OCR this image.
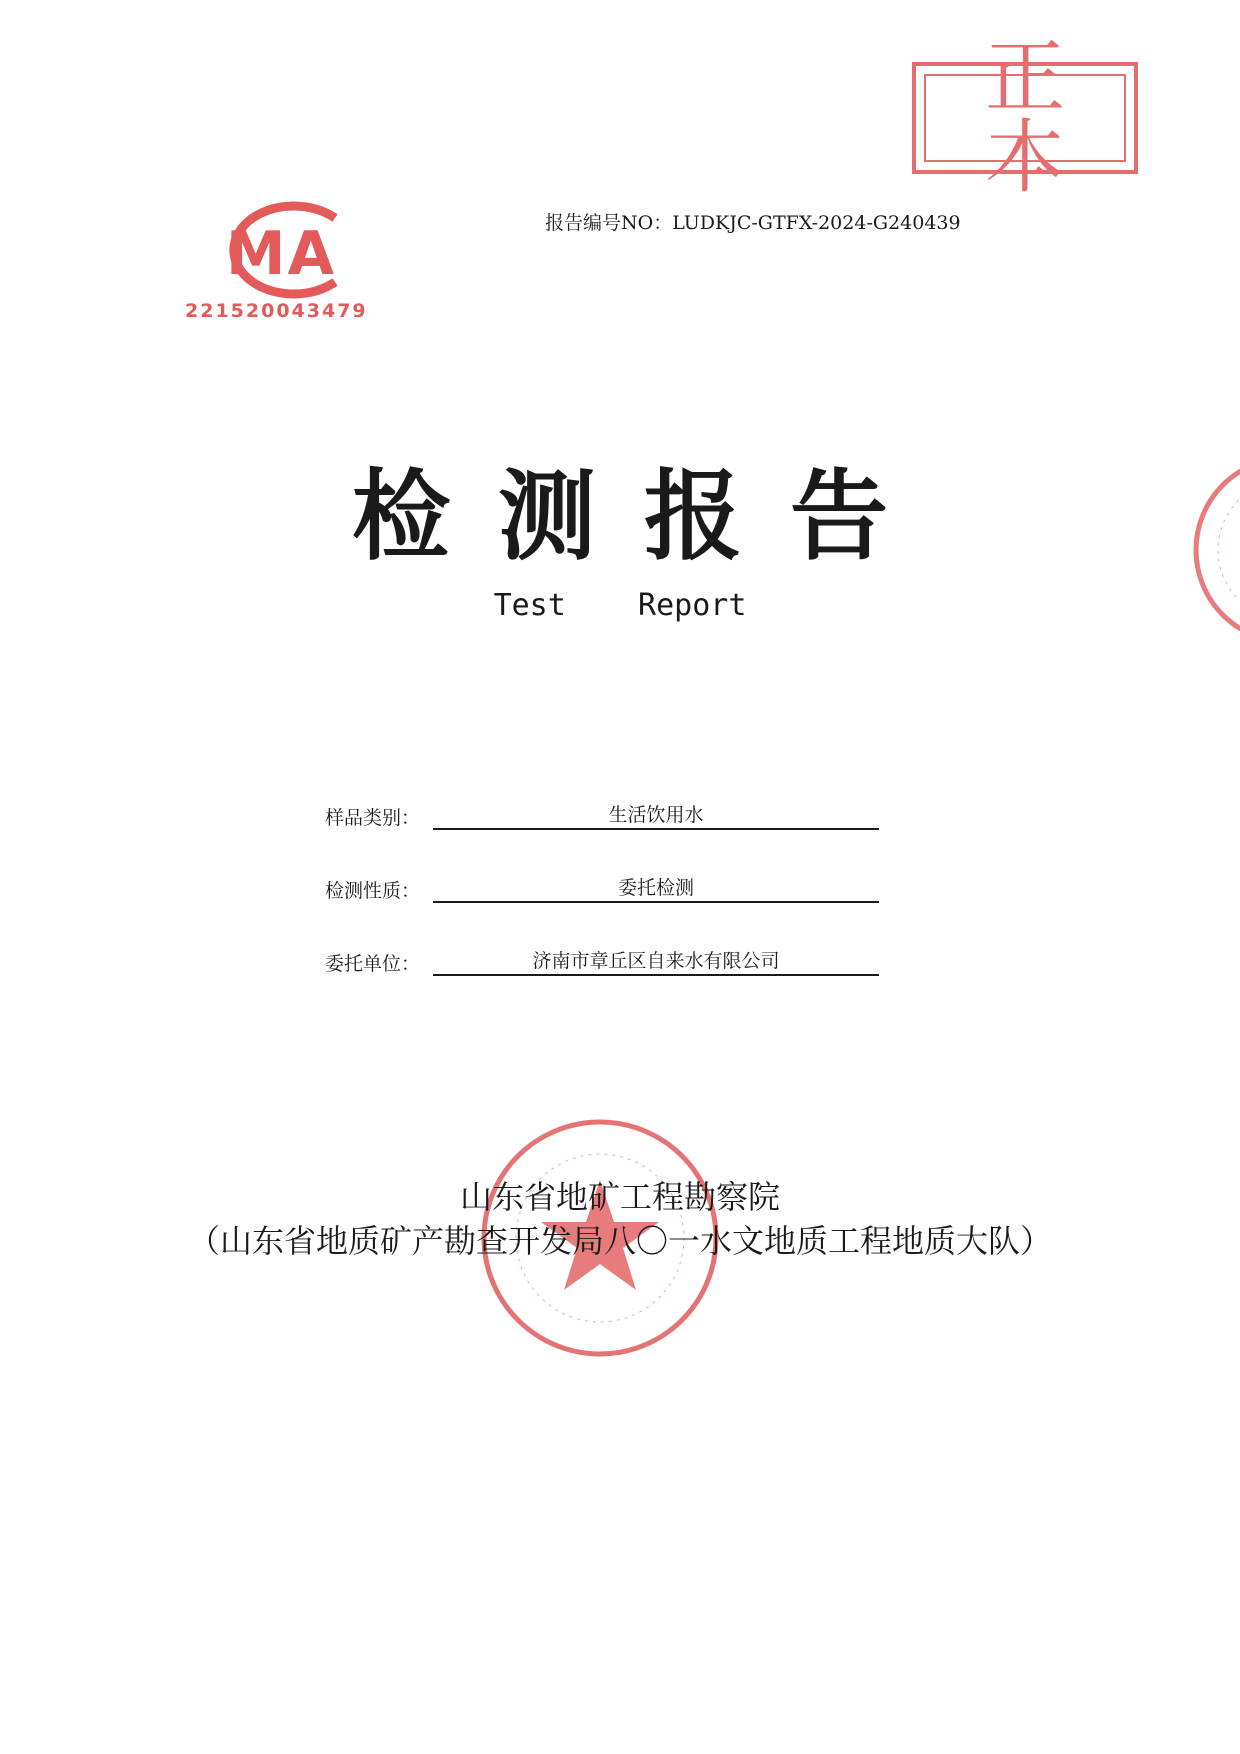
正本
MA
221520043479
报告编号NO：LUDKJC-GTFX-2024-G240439
检测报告
Test    Report
样品类别：	生活饮用水
检测性质：	委托检测
委托单位：	济南市章丘区自来水有限公司
山东省地矿工程勘察院
（山东省地质矿产勘查开发局八〇一水文地质工程地质大队）
